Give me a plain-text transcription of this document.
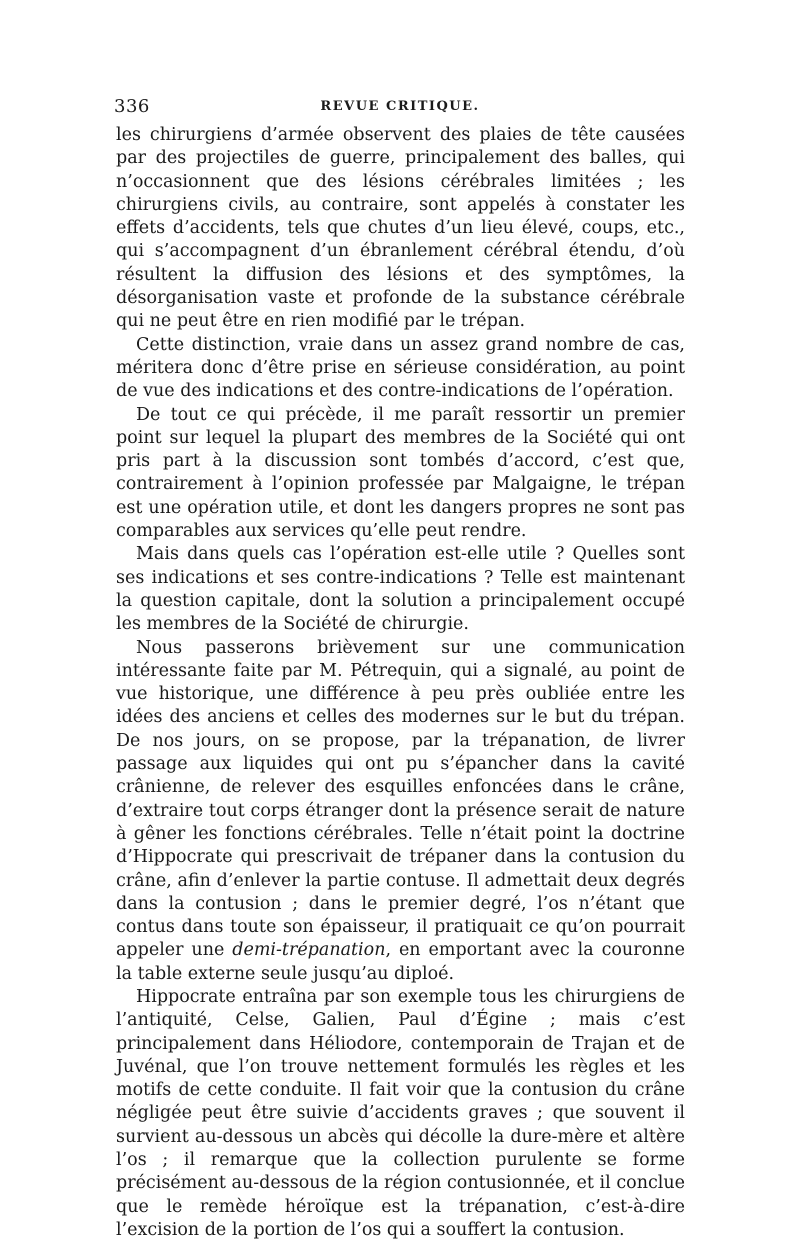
336	REVUE CRITIQUE.

les chirurgiens d’armée observent des plaies de tête causées par des projectiles de guerre, principalement des balles, qui n’occasionnent que des lésions cérébrales limitées ; les chirurgiens civils, au contraire, sont appelés à constater les effets d’accidents, tels que chutes d’un lieu élevé, coups, etc., qui s’accompagnent d’un ébranlement cérébral étendu, d’où résultent la diffusion des lésions et des symptômes, la désorganisation vaste et profonde de la substance cérébrale qui ne peut être en rien modifié par le trépan.

Cette distinction, vraie dans un assez grand nombre de cas, méritera donc d’être prise en sérieuse considération, au point de vue des indications et des contre-indications de l’opération.

De tout ce qui précède, il me paraît ressortir un premier point sur lequel la plupart des membres de la Société qui ont pris part à la discussion sont tombés d’accord, c’est que, contrairement à l’opinion professée par Malgaigne, le trépan est une opération utile, et dont les dangers propres ne sont pas comparables aux services qu’elle peut rendre.

Mais dans quels cas l’opération est-elle utile ? Quelles sont ses indications et ses contre-indications ? Telle est maintenant la question capitale, dont la solution a principalement occupé les membres de la Société de chirurgie.

Nous passerons brièvement sur une communication intéressante faite par M. Pétrequin, qui a signalé, au point de vue historique, une différence à peu près oubliée entre les idées des anciens et celles des modernes sur le but du trépan. De nos jours, on se propose, par la trépanation, de livrer passage aux liquides qui ont pu s’épancher dans la cavité crânienne, de relever des esquilles enfoncées dans le crâne, d’extraire tout corps étranger dont la présence serait de nature à gêner les fonctions cérébrales. Telle n’était point la doctrine d’Hippocrate qui prescrivait de trépaner dans la contusion du crâne, afin d’enlever la partie contuse. Il admettait deux degrés dans la contusion ; dans le premier degré, l’os n’étant que contus dans toute son épaisseur, il pratiquait ce qu’on pourrait appeler une demi-trépanation, en emportant avec la couronne la table externe seule jusqu’au diploé.

Hippocrate entraîna par son exemple tous les chirurgiens de l’antiquité, Celse, Galien, Paul d’Égine ; mais c’est principalement dans Héliodore, contemporain de Trajan et de Juvénal, que l’on trouve nettement formulés les règles et les motifs de cette conduite. Il fait voir que la contusion du crâne négligée peut être suivie d’accidents graves ; que souvent il survient au-dessous un abcès qui décolle la dure-mère et altère l’os ; il remarque que la collection purulente se forme précisément au-dessous de la région contusionnée, et il conclue que le remède héroïque est la trépanation, c’est-à-dire l’excision de la portion de l’os qui a souffert la contusion.
